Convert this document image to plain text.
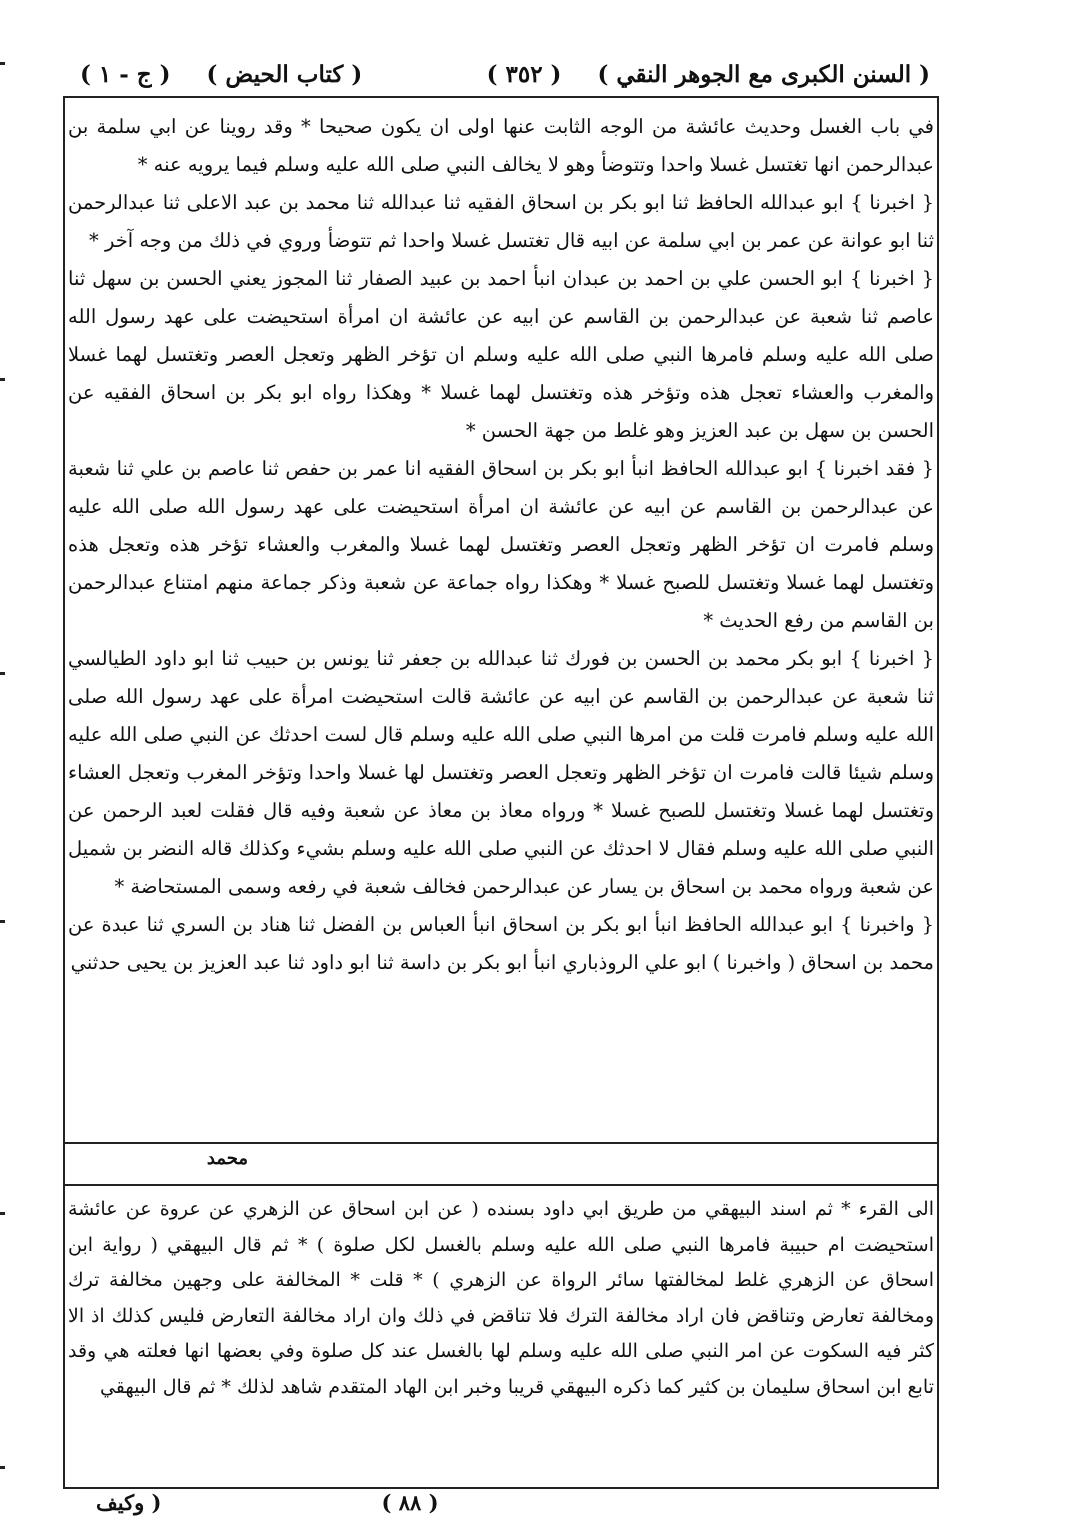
( السنن الكبرى مع الجوهر النقي )
( ٣٥٢ )
( كتاب الحيض )
( ج - ١ )

في باب الغسل وحديث عائشة من الوجه الثابت عنها اولى ان يكون صحيحا * وقد روينا عن ابي سلمة بن عبدالرحمن انها تغتسل غسلا واحدا وتتوضأ وهو لا يخالف النبي صلى الله عليه وسلم فيما يرويه عنه *

{ اخبرنا } ابو عبدالله الحافظ ثنا ابو بكر بن اسحاق الفقيه ثنا عبدالله ثنا محمد بن عبد الاعلى ثنا عبدالرحمن ثنا ابو عوانة عن عمر بن ابي سلمة عن ابيه قال تغتسل غسلا واحدا ثم تتوضأ وروي في ذلك من وجه آخر *

{ اخبرنا } ابو الحسن علي بن احمد بن عبدان انبأ احمد بن عبيد الصفار ثنا المجوز يعني الحسن بن سهل ثنا عاصم ثنا شعبة عن عبدالرحمن بن القاسم عن ابيه عن عائشة ان امرأة استحيضت على عهد رسول الله صلى الله عليه وسلم فامرها النبي صلى الله عليه وسلم ان تؤخر الظهر وتعجل العصر وتغتسل لهما غسلا والمغرب والعشاء تعجل هذه وتؤخر هذه وتغتسل لهما غسلا * وهكذا رواه ابو بكر بن اسحاق الفقيه عن الحسن بن سهل بن عبد العزيز وهو غلط من جهة الحسن *

{ فقد اخبرنا } ابو عبدالله الحافظ انبأ ابو بكر بن اسحاق الفقيه انا عمر بن حفص ثنا عاصم بن علي ثنا شعبة عن عبدالرحمن بن القاسم عن ابيه عن عائشة ان امرأة استحيضت على عهد رسول الله صلى الله عليه وسلم فامرت ان تؤخر الظهر وتعجل العصر وتغتسل لهما غسلا والمغرب والعشاء تؤخر هذه وتعجل هذه وتغتسل لهما غسلا وتغتسل للصبح غسلا * وهكذا رواه جماعة عن شعبة وذكر جماعة منهم امتناع عبدالرحمن بن القاسم من رفع الحديث *

{ اخبرنا } ابو بكر محمد بن الحسن بن فورك ثنا عبدالله بن جعفر ثنا يونس بن حبيب ثنا ابو داود الطيالسي ثنا شعبة عن عبدالرحمن بن القاسم عن ابيه عن عائشة قالت استحيضت امرأة على عهد رسول الله صلى الله عليه وسلم فامرت قلت من امرها النبي صلى الله عليه وسلم قال لست احدثك عن النبي صلى الله عليه وسلم شيئا قالت فامرت ان تؤخر الظهر وتعجل العصر وتغتسل لها غسلا واحدا وتؤخر المغرب وتعجل العشاء وتغتسل لهما غسلا وتغتسل للصبح غسلا * ورواه معاذ بن معاذ عن شعبة وفيه قال فقلت لعبد الرحمن عن النبي صلى الله عليه وسلم فقال لا احدثك عن النبي صلى الله عليه وسلم بشيء وكذلك قاله النضر بن شميل عن شعبة ورواه محمد بن اسحاق بن يسار عن عبدالرحمن فخالف شعبة في رفعه وسمى المستحاضة *

{ واخبرنا } ابو عبدالله الحافظ انبأ ابو بكر بن اسحاق انبأ العباس بن الفضل ثنا هناد بن السري ثنا عبدة عن محمد بن اسحاق ( واخبرنا ) ابو علي الروذباري انبأ ابو بكر بن داسة ثنا ابو داود ثنا عبد العزيز بن يحيى حدثني

محمد

الى القرء * ثم اسند البيهقي من طريق ابي داود بسنده ( عن ابن اسحاق عن الزهري عن عروة عن عائشة استحيضت ام حبيبة فامرها النبي صلى الله عليه وسلم بالغسل لكل صلوة ) * ثم قال البيهقي ( رواية ابن اسحاق عن الزهري غلط لمخالفتها سائر الرواة عن الزهري ) * قلت * المخالفة على وجهين مخالفة ترك ومخالفة تعارض وتناقض فان اراد مخالفة الترك فلا تناقض في ذلك وان اراد مخالفة التعارض فليس كذلك اذ الا كثر فيه السكوت عن امر النبي صلى الله عليه وسلم لها بالغسل عند كل صلوة وفي بعضها انها فعلته هي وقد تابع ابن اسحاق سليمان بن كثير كما ذكره البيهقي قريبا وخبر ابن الهاد المتقدم شاهد لذلك * ثم قال البيهقي

( ٨٨ )
( وكيف
